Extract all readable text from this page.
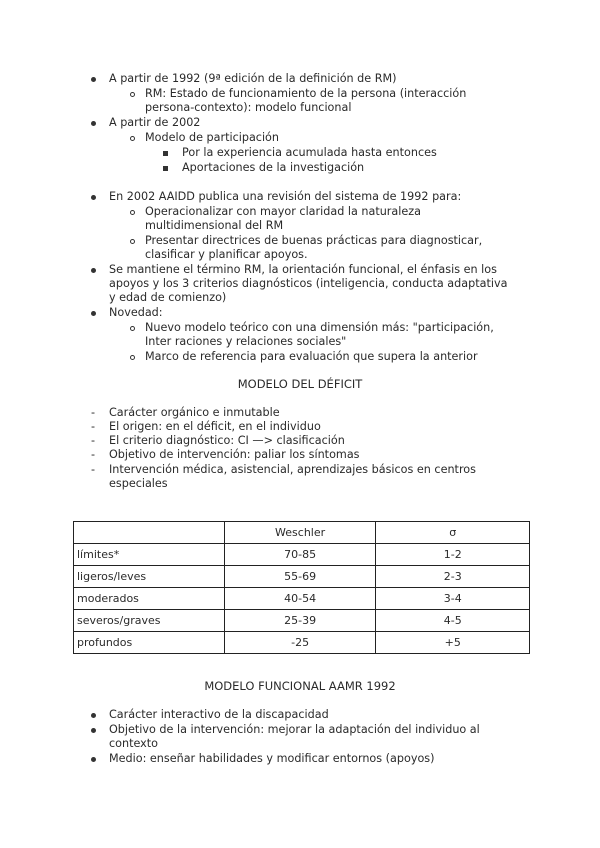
A partir de 1992 (9ª edición de la definición de RM)
RM: Estado de funcionamiento de la persona (interacción
persona-contexto): modelo funcional
A partir de 2002
Modelo de participación
Por la experiencia acumulada hasta entonces
Aportaciones de la investigación
En 2002 AAIDD publica una revisión del sistema de 1992 para:
Operacionalizar con mayor claridad la naturaleza
multidimensional del RM
Presentar directrices de buenas prácticas para diagnosticar,
clasificar y planificar apoyos.
Se mantiene el término RM, la orientación funcional, el énfasis en los
apoyos y los 3 criterios diagnósticos (inteligencia, conducta adaptativa
y edad de comienzo)
Novedad:
Nuevo modelo teórico con una dimensión más: "participación,
Inter raciones y relaciones sociales"
Marco de referencia para evaluación que supera la anterior
MODELO DEL DÉFICIT
- Carácter orgánico e inmutable
- El origen: en el déficit, en el individuo
- El criterio diagnóstico: CI —> clasificación
- Objetivo de intervención: paliar los síntomas
- Intervención médica, asistencial, aprendizajes básicos en centros
especiales
	Weschler	σ
límites*	70-85	1-2
ligeros/leves	55-69	2-3
moderados	40-54	3-4
severos/graves	25-39	4-5
profundos	-25	+5
MODELO FUNCIONAL AAMR 1992
Carácter interactivo de la discapacidad
Objetivo de la intervención: mejorar la adaptación del individuo al
contexto
Medio: enseñar habilidades y modificar entornos (apoyos)
